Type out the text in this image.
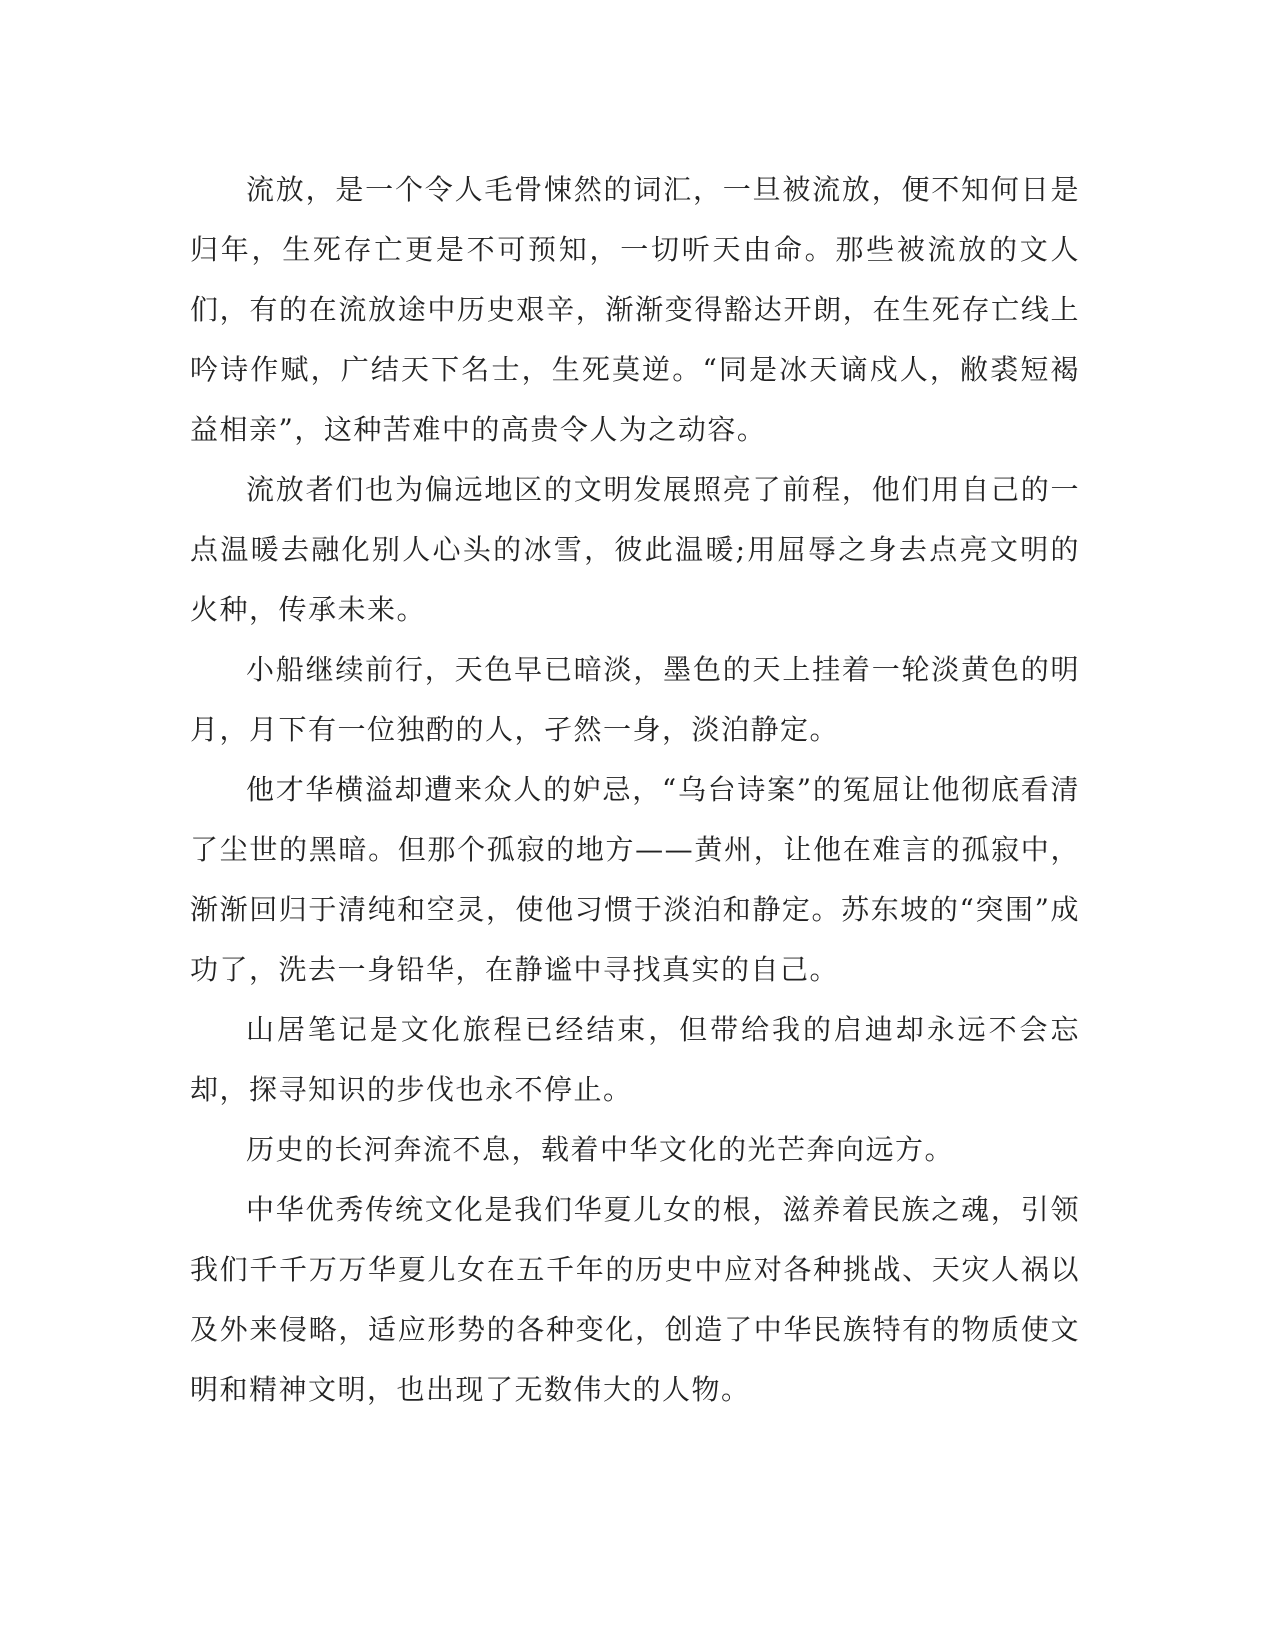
流放，是一个令人毛骨悚然的词汇，一旦被流放，便不知何日是归年，生死存亡更是不可预知，一切听天由命。那些被流放的文人们，有的在流放途中历史艰辛，渐渐变得豁达开朗，在生死存亡线上吟诗作赋，广结天下名士，生死莫逆。“同是冰天谪戍人，敝裘短褐益相亲”，这种苦难中的高贵令人为之动容。

流放者们也为偏远地区的文明发展照亮了前程，他们用自己的一点温暖去融化别人心头的冰雪，彼此温暖;用屈辱之身去点亮文明的火种，传承未来。

小船继续前行，天色早已暗淡，墨色的天上挂着一轮淡黄色的明月，月下有一位独酌的人，孑然一身，淡泊静定。

他才华横溢却遭来众人的妒忌，“乌台诗案”的冤屈让他彻底看清了尘世的黑暗。但那个孤寂的地方——黄州，让他在难言的孤寂中，渐渐回归于清纯和空灵，使他习惯于淡泊和静定。苏东坡的“突围”成功了，洗去一身铅华，在静谧中寻找真实的自己。

山居笔记是文化旅程已经结束，但带给我的启迪却永远不会忘却，探寻知识的步伐也永不停止。

历史的长河奔流不息，载着中华文化的光芒奔向远方。

中华优秀传统文化是我们华夏儿女的根，滋养着民族之魂，引领我们千千万万华夏儿女在五千年的历史中应对各种挑战、天灾人祸以及外来侵略，适应形势的各种变化，创造了中华民族特有的物质使文明和精神文明，也出现了无数伟大的人物。
